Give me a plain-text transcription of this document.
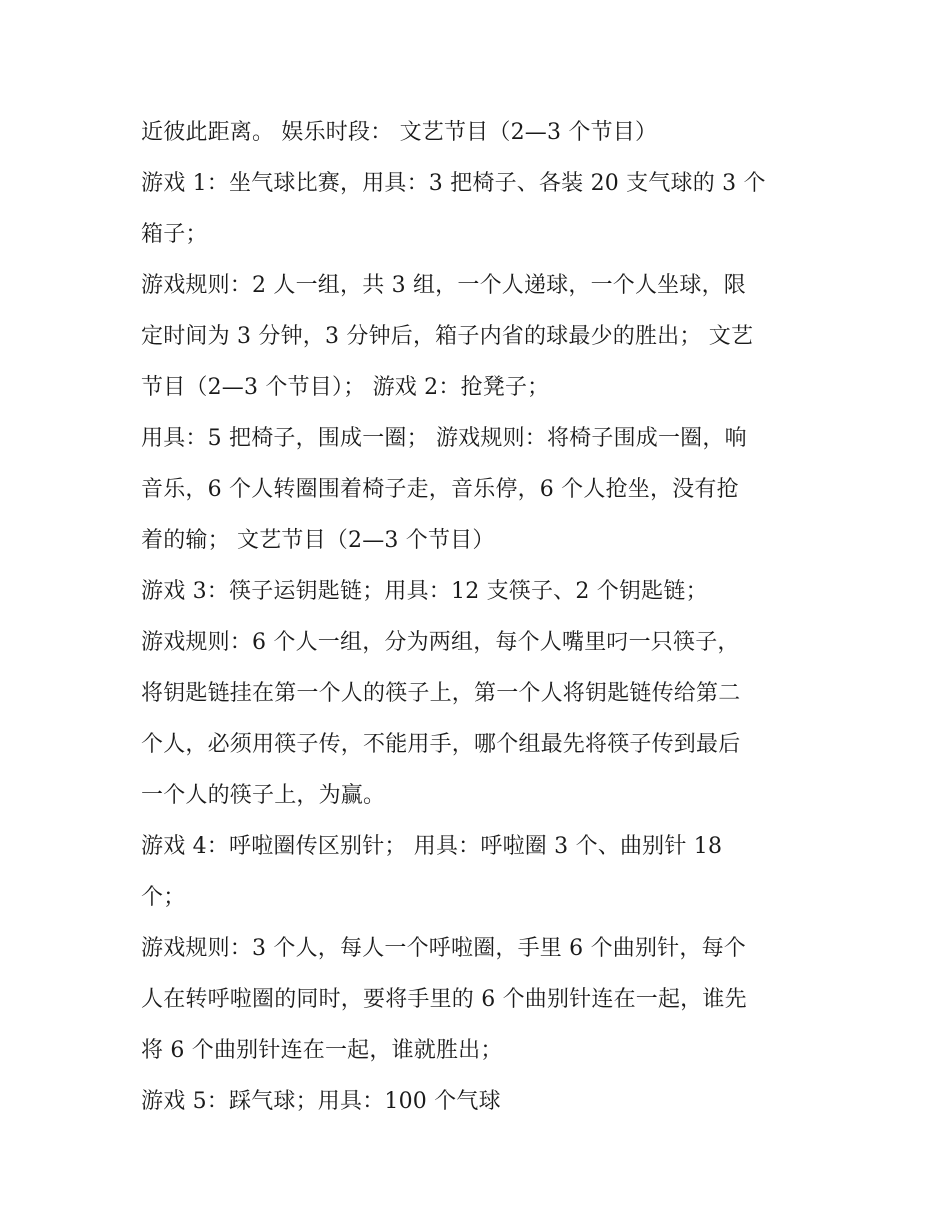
近彼此距离。 娱乐时段： 文艺节目（2—3 个节目）
游戏 1：坐气球比赛，用具：3 把椅子、各装 20 支气球的 3 个
箱子；
游戏规则：2 人一组，共 3 组，一个人递球，一个人坐球，限
定时间为 3 分钟，3 分钟后，箱子内省的球最少的胜出； 文艺
节目（2—3 个节目）； 游戏 2：抢凳子；
用具：5 把椅子，围成一圈； 游戏规则：将椅子围成一圈，响
音乐，6 个人转圈围着椅子走，音乐停，6 个人抢坐，没有抢
着的输； 文艺节目（2—3 个节目）
游戏 3：筷子运钥匙链；用具：12 支筷子、2 个钥匙链；
游戏规则：6 个人一组，分为两组，每个人嘴里叼一只筷子，
将钥匙链挂在第一个人的筷子上，第一个人将钥匙链传给第二
个人，必须用筷子传，不能用手，哪个组最先将筷子传到最后
一个人的筷子上，为赢。
游戏 4：呼啦圈传区别针； 用具：呼啦圈 3 个、曲别针 18
个；
游戏规则：3 个人，每人一个呼啦圈，手里 6 个曲别针，每个
人在转呼啦圈的同时，要将手里的 6 个曲别针连在一起，谁先
将 6 个曲别针连在一起，谁就胜出；
游戏 5：踩气球；用具：100 个气球
